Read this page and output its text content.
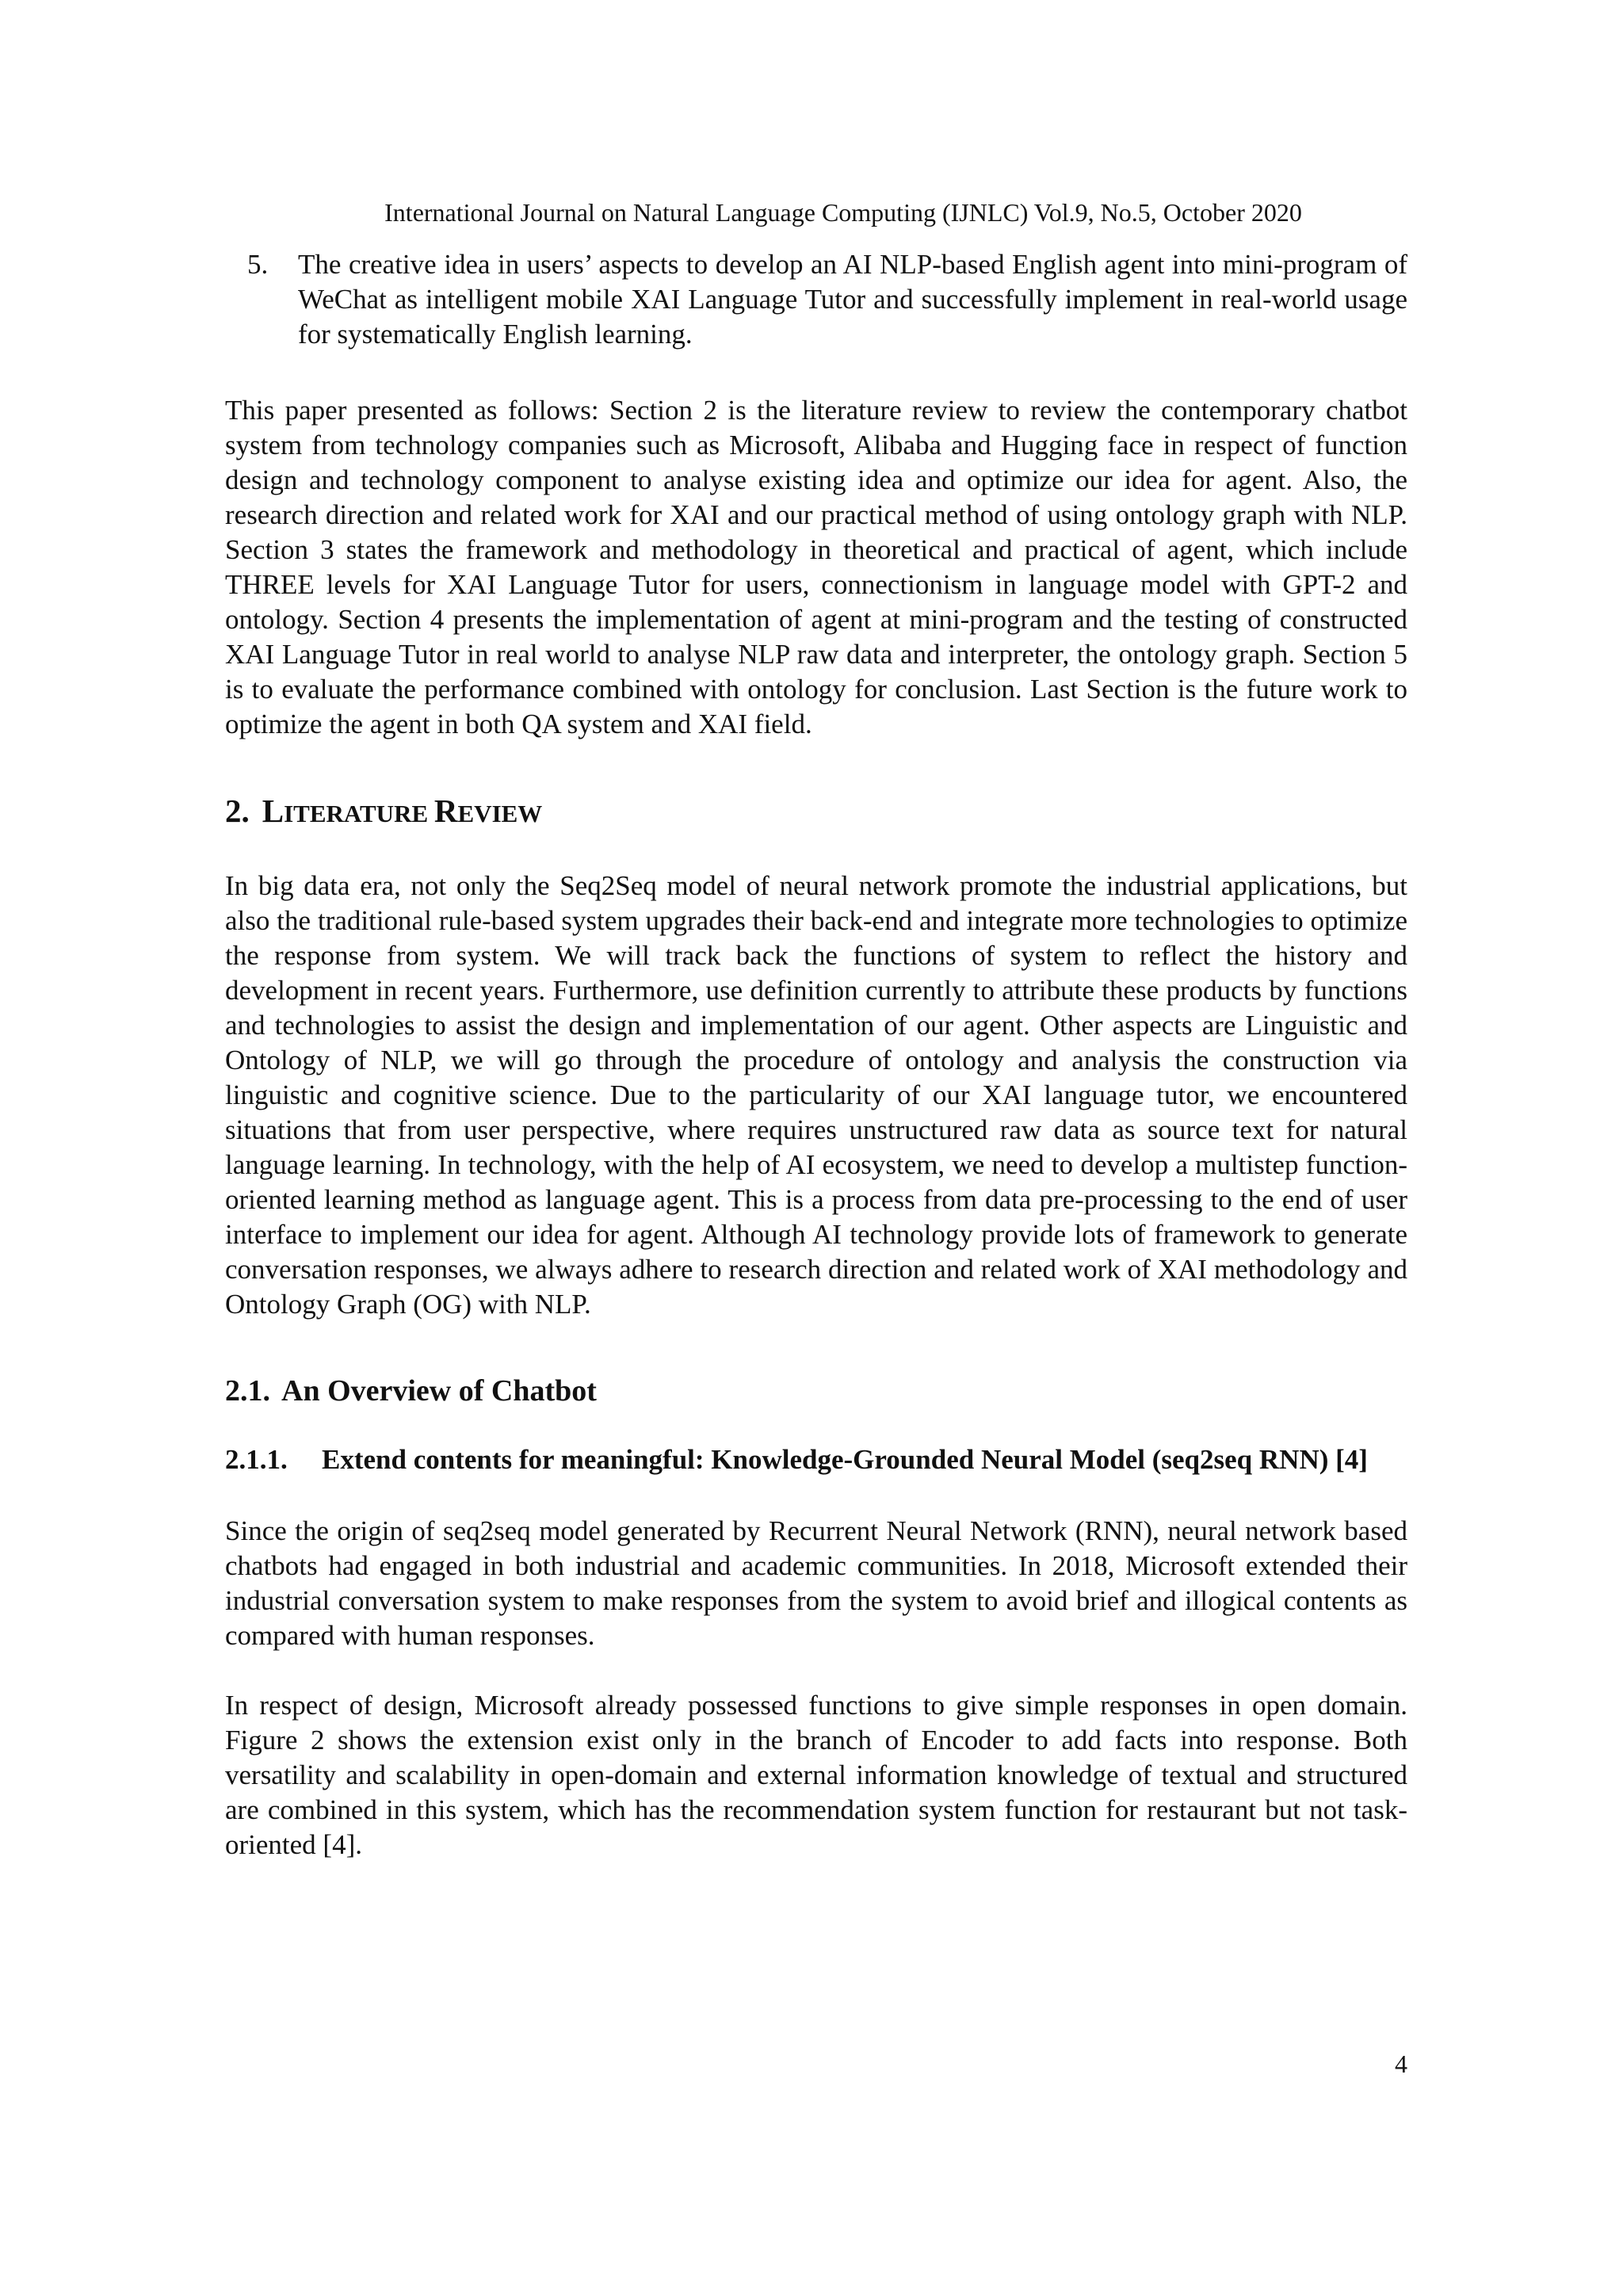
International Journal on Natural Language Computing (IJNLC) Vol.9, No.5, October 2020
5.	The creative idea in users’ aspects to develop an AI NLP-based English agent into mini-program of WeChat as intelligent mobile XAI Language Tutor and successfully implement in real-world usage for systematically English learning.

This paper presented as follows: Section 2 is the literature review to review the contemporary chatbot system from technology companies such as Microsoft, Alibaba and Hugging face in respect of function design and technology component to analyse existing idea and optimize our idea for agent. Also, the research direction and related work for XAI and our practical method of using ontology graph with NLP. Section 3 states the framework and methodology in theoretical and practical of agent, which include THREE levels for XAI Language Tutor for users, connectionism in language model with GPT-2 and ontology. Section 4 presents the implementation of agent at mini-program and the testing of constructed XAI Language Tutor in real world to analyse NLP raw data and interpreter, the ontology graph. Section 5 is to evaluate the performance combined with ontology for conclusion. Last Section is the future work to optimize the agent in both QA system and XAI field.

2. LITERATURE REVIEW

In big data era, not only the Seq2Seq model of neural network promote the industrial applications, but also the traditional rule-based system upgrades their back-end and integrate more technologies to optimize the response from system. We will track back the functions of system to reflect the history and development in recent years. Furthermore, use definition currently to attribute these products by functions and technologies to assist the design and implementation of our agent. Other aspects are Linguistic and Ontology of NLP, we will go through the procedure of ontology and analysis the construction via linguistic and cognitive science. Due to the particularity of our XAI language tutor, we encountered situations that from user perspective, where requires unstructured raw data as source text for natural language learning. In technology, with the help of AI ecosystem, we need to develop a multistep function-oriented learning method as language agent. This is a process from data pre-processing to the end of user interface to implement our idea for agent. Although AI technology provide lots of framework to generate conversation responses, we always adhere to research direction and related work of XAI methodology and Ontology Graph (OG) with NLP.

2.1. An Overview of Chatbot
2.1.1.	Extend contents for meaningful: Knowledge-Grounded Neural Model (seq2seq RNN) [4]

Since the origin of seq2seq model generated by Recurrent Neural Network (RNN), neural network based chatbots had engaged in both industrial and academic communities. In 2018, Microsoft extended their industrial conversation system to make responses from the system to avoid brief and illogical contents as compared with human responses.

In respect of design, Microsoft already possessed functions to give simple responses in open domain. Figure 2 shows the extension exist only in the branch of Encoder to add facts into response. Both versatility and scalability in open-domain and external information knowledge of textual and structured are combined in this system, which has the recommendation system function for restaurant but not task-oriented [4].

4
